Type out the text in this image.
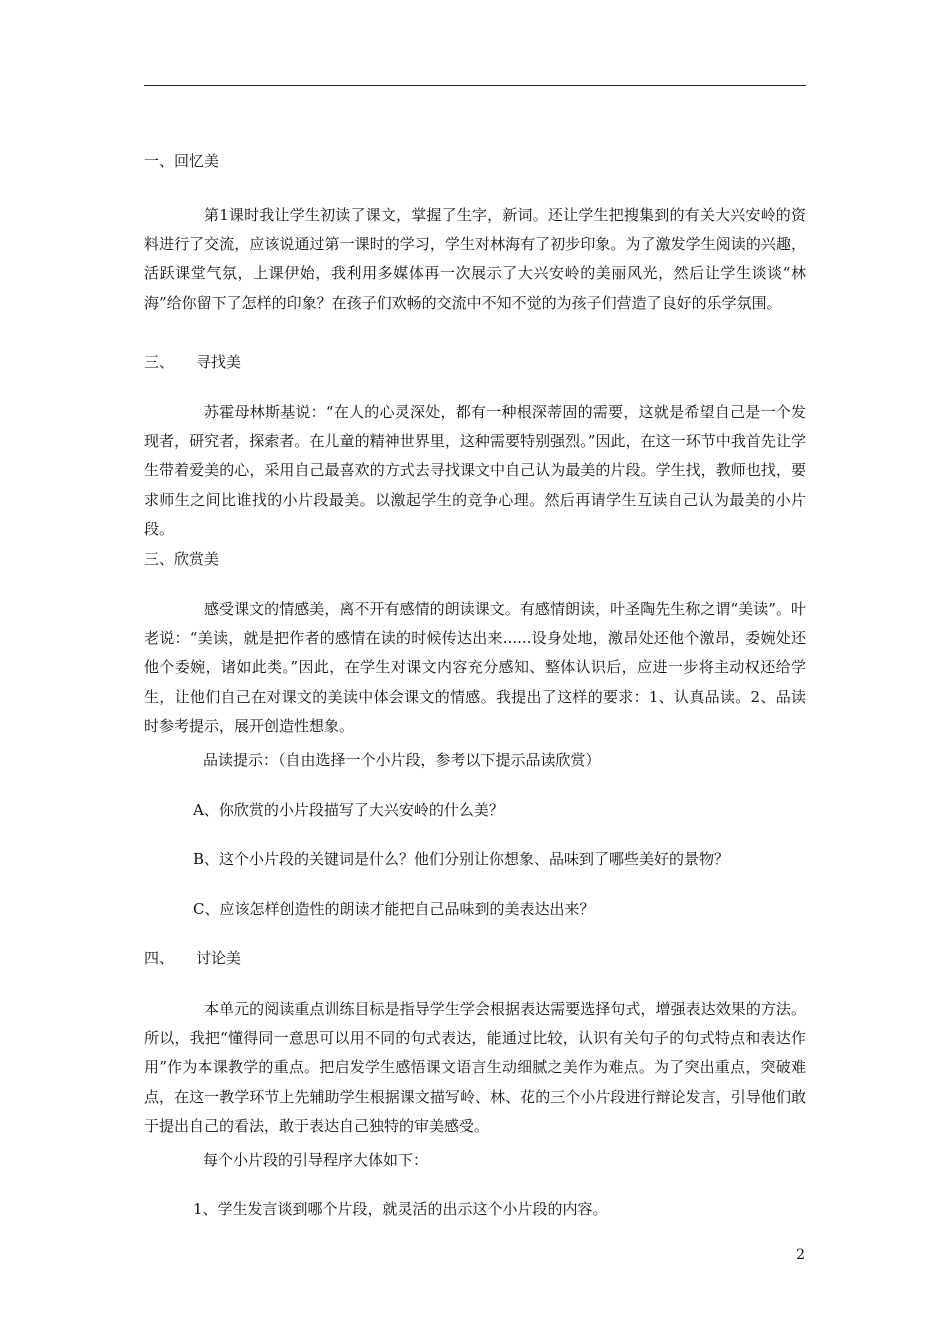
一、回忆美
第1课时我让学生初读了课文，掌握了生字，新词。还让学生把搜集到的有关大兴安岭的资料进行了交流，应该说通过第一课时的学习，学生对林海有了初步印象。为了激发学生阅读的兴趣，活跃课堂气氛，上课伊始，我利用多媒体再一次展示了大兴安岭的美丽风光，然后让学生谈谈“林海”给你留下了怎样的印象？在孩子们欢畅的交流中不知不觉的为孩子们营造了良好的乐学氛围。
三、 寻找美
苏霍母林斯基说：“在人的心灵深处，都有一种根深蒂固的需要，这就是希望自己是一个发现者，研究者，探索者。在儿童的精神世界里，这种需要特别强烈。”因此，在这一环节中我首先让学生带着爱美的心，采用自己最喜欢的方式去寻找课文中自己认为最美的片段。学生找，教师也找，要求师生之间比谁找的小片段最美。以激起学生的竞争心理。然后再请学生互读自己认为最美的小片段。
三、欣赏美
感受课文的情感美，离不开有感情的朗读课文。有感情朗读，叶圣陶先生称之谓“美读”。叶老说：“美读，就是把作者的感情在读的时候传达出来......设身处地，激昂处还他个激昂，委婉处还他个委婉，诸如此类。”因此，在学生对课文内容充分感知、整体认识后，应进一步将主动权还给学生，让他们自己在对课文的美读中体会课文的情感。我提出了这样的要求：1、认真品读。2、品读时参考提示，展开创造性想象。
品读提示：（自由选择一个小片段，参考以下提示品读欣赏）
A、你欣赏的小片段描写了大兴安岭的什么美？
B、这个小片段的关键词是什么？他们分别让你想象、品味到了哪些美好的景物？
C、应该怎样创造性的朗读才能把自己品味到的美表达出来？
四、 讨论美
本单元的阅读重点训练目标是指导学生学会根据表达需要选择句式，增强表达效果的方法。所以，我把“懂得同一意思可以用不同的句式表达，能通过比较，认识有关句子的句式特点和表达作用”作为本课教学的重点。把启发学生感悟课文语言生动细腻之美作为难点。为了突出重点，突破难点，在这一教学环节上先辅助学生根据课文描写岭、林、花的三个小片段进行辩论发言，引导他们敢于提出自己的看法，敢于表达自己独特的审美感受。
每个小片段的引导程序大体如下：
1、学生发言谈到哪个片段，就灵活的出示这个小片段的内容。
2
